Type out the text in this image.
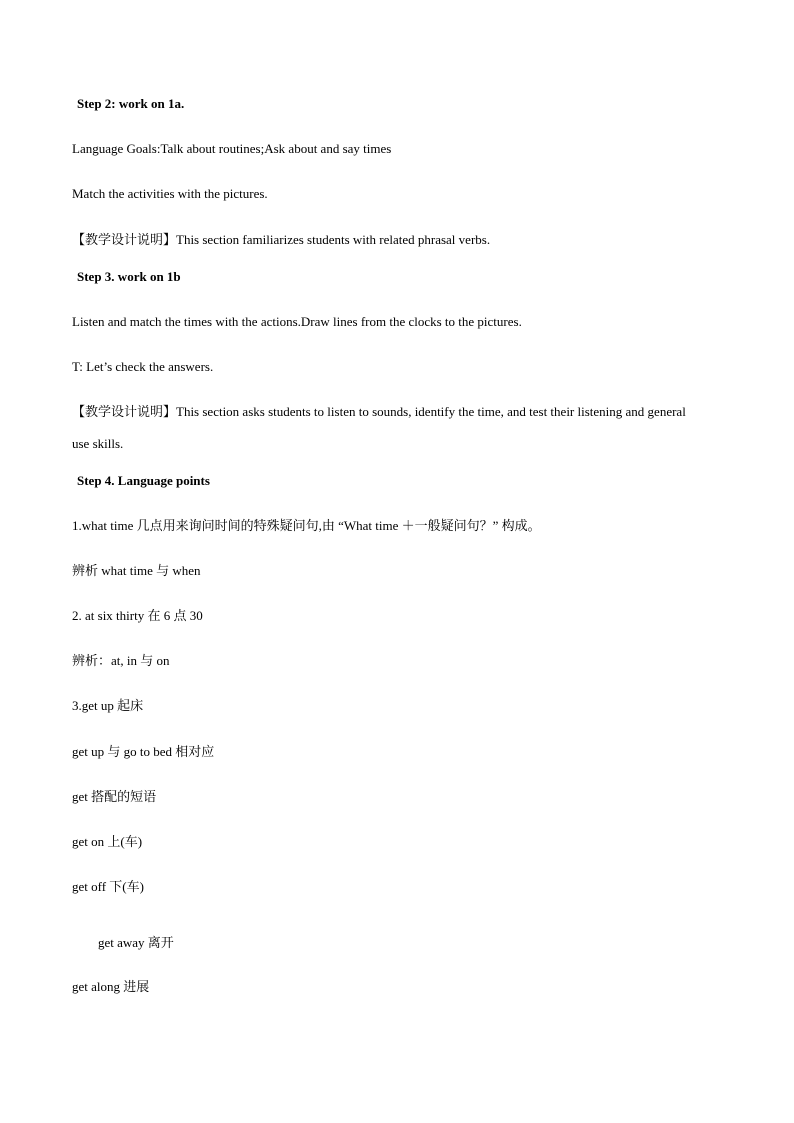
Step 2: work on 1a.
Language Goals:Talk about routines;Ask about and say times
Match the activities with the pictures.
【教学设计说明】This section familiarizes students with related phrasal verbs.
Step 3. work on 1b
Listen and match the times with the actions.Draw lines from the clocks to the pictures.
T: Let’s check the answers.
【教学设计说明】This section asks students to listen to sounds, identify the time, and test their listening and general
use skills.
Step 4. Language points
1.what time 几点用来询问时间的特殊疑问句,由 “What time ＋一般疑问句？” 构成。
辨析 what time 与 when
2. at six thirty 在 6 点 30
辨析：at, in 与 on
3.get up 起床
get up 与 go to bed 相对应
get 搭配的短语
get on 上(车)
get off 下(车)
get away 离开
get along 进展
